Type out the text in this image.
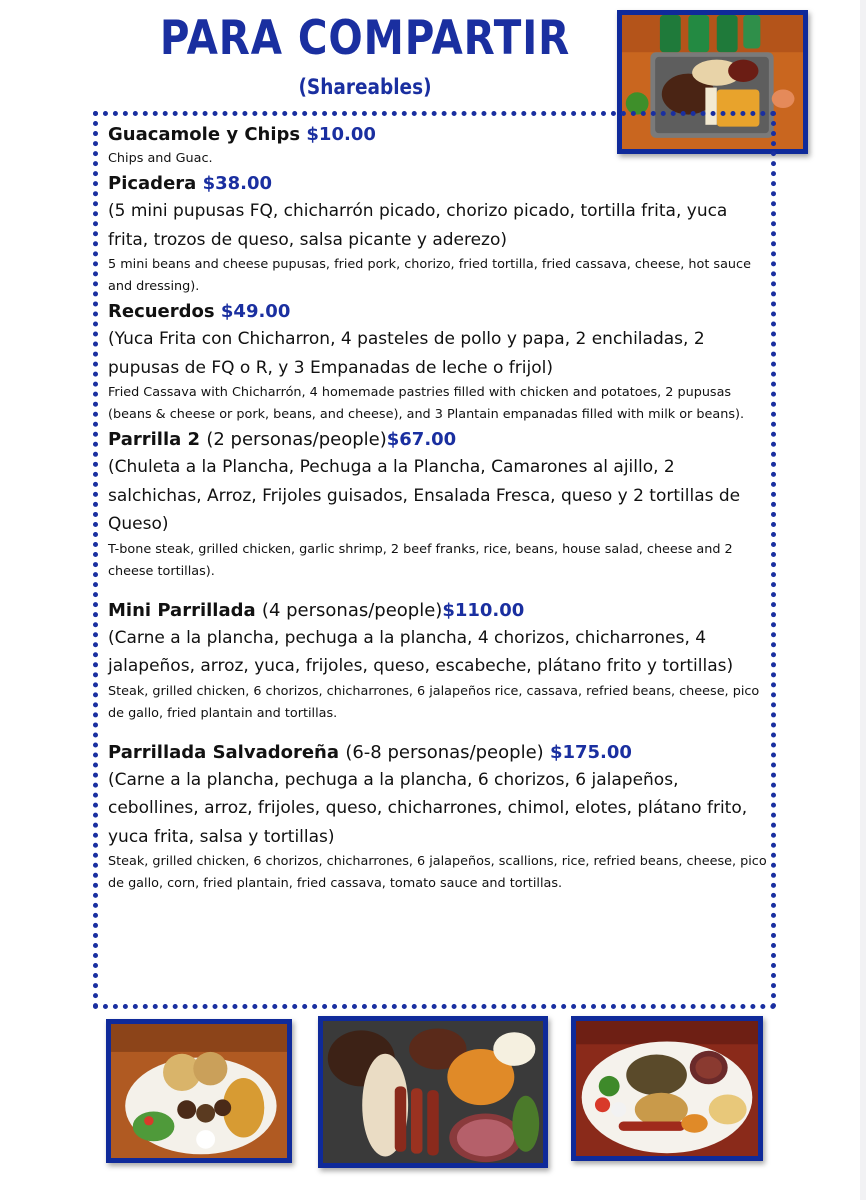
PARA COMPARTIR
(Shareables)
Guacamole y Chips $10.00
Chips and Guac.
Picadera $38.00
(5 mini pupusas FQ, chicharrón picado, chorizo picado, tortilla frita, yuca frita, trozos de queso, salsa picante y aderezo)
5 mini beans and cheese pupusas, fried pork, chorizo, fried tortilla, fried cassava, cheese, hot sauce and dressing).
Recuerdos $49.00
(Yuca Frita con Chicharron, 4 pasteles de pollo y papa, 2 enchiladas, 2 pupusas de FQ o R, y 3 Empanadas de leche o frijol)
Fried Cassava with Chicharrón, 4 homemade pastries filled with chicken and potatoes, 2 pupusas (beans & cheese or pork, beans, and cheese), and 3 Plantain empanadas filled with milk or beans).
Parrilla 2 (2 personas/people)$67.00
(Chuleta a la Plancha, Pechuga a la Plancha, Camarones al ajillo, 2 salchichas, Arroz, Frijoles guisados, Ensalada Fresca, queso y 2 tortillas de Queso)
T-bone steak, grilled chicken, garlic shrimp, 2 beef franks, rice, beans, house salad, cheese and 2 cheese tortillas).
Mini Parrillada (4 personas/people)$110.00
(Carne a la plancha, pechuga a la plancha, 4 chorizos, chicharrones, 4 jalapeños, arroz, yuca, frijoles, queso, escabeche, plátano frito y tortillas)
Steak, grilled chicken, 6 chorizos, chicharrones, 6 jalapeños rice, cassava, refried beans, cheese, pico de gallo, fried plantain and tortillas.
Parrillada Salvadoreña (6-8 personas/people) $175.00
(Carne a la plancha, pechuga a la plancha, 6 chorizos, 6 jalapeños, cebollines, arroz, frijoles, queso, chicharrones, chimol, elotes, plátano frito, yuca frita, salsa y tortillas)
Steak, grilled chicken, 6 chorizos, chicharrones, 6 jalapeños, scallions, rice, refried beans, cheese, pico de gallo, corn, fried plantain, fried cassava, tomato sauce and tortillas.
